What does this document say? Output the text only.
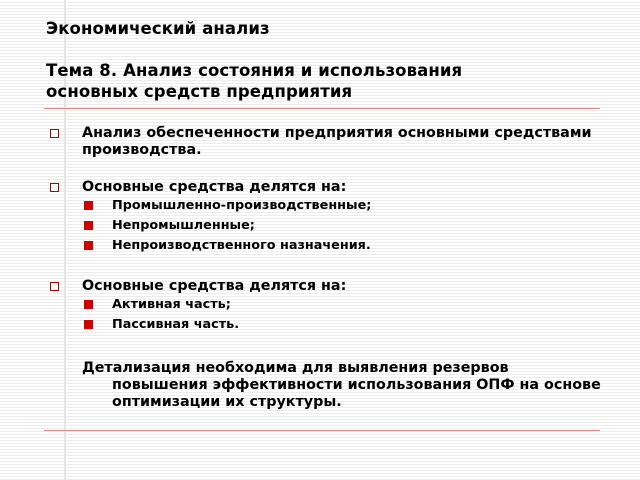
Экономический анализ
Тема 8. Анализ состояния и использования
основных средств предприятия
Анализ обеспеченности предприятия основными средствами производства.
Основные средства делятся на:
Промышленно-производственные;
Непромышленные;
Непроизводственного назначения.
Основные средства делятся на:
Активная часть;
Пассивная часть.
Детализация необходима для выявления резервов повышения эффективности использования ОПФ на основе оптимизации их структуры.
